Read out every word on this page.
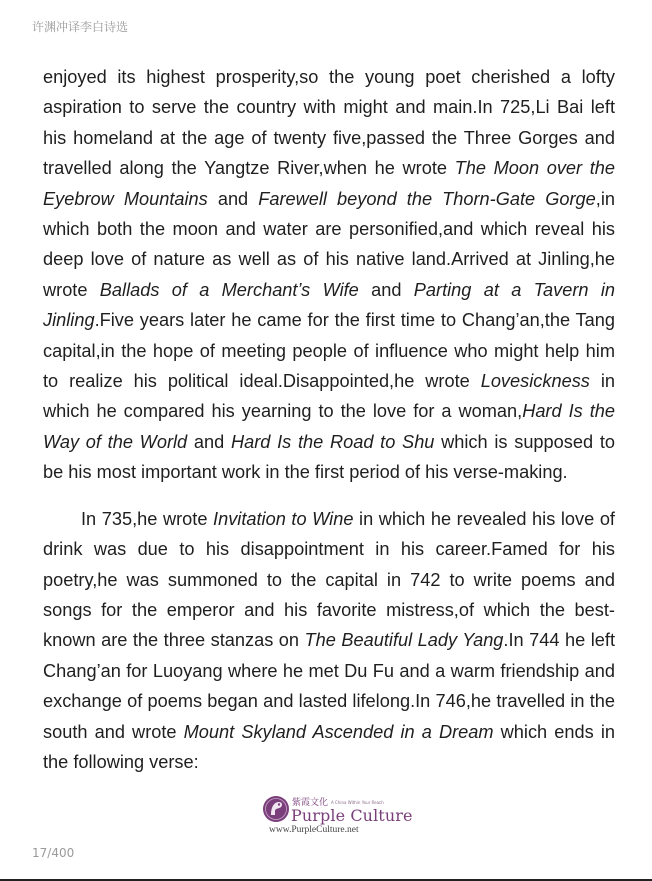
许渊冲译李白诗选

enjoyed its highest prosperity,so the young poet cherished a lofty aspiration to serve the country with might and main.In 725,Li Bai left his homeland at the age of twenty five,passed the Three Gorges and travelled along the Yangtze River,when he wrote The Moon over the Eyebrow Mountains and Farewell beyond the Thorn-Gate Gorge,in which both the moon and water are personified,and which reveal his deep love of nature as well as of his native land.Arrived at Jinling,he wrote Ballads of a Merchant’s Wife and Parting at a Tavern in Jinling.Five years later he came for the first time to Chang’an,the Tang capital,in the hope of meeting people of influence who might help him to realize his political ideal.Disappointed,he wrote Lovesickness in which he compared his yearning to the love for a woman,Hard Is the Way of the World and Hard Is the Road to Shu which is supposed to be his most important work in the first period of his verse-making.

In 735,he wrote Invitation to Wine in which he revealed his love of drink was due to his disappointment in his career.Famed for his poetry,he was summoned to the capital in 742 to write poems and songs for the emperor and his favorite mistress,of which the best-known are the three stanzas on The Beautiful Lady Yang.In 744 he left Chang’an for Luoyang where he met Du Fu and a warm friendship and exchange of poems began and lasted lifelong.In 746,he travelled in the south and wrote Mount Skyland Ascended in a Dream which ends in the following verse:

紫霞文化 A China Within Your Reach
Purple Culture
www.PurpleCulture.net
17/400
